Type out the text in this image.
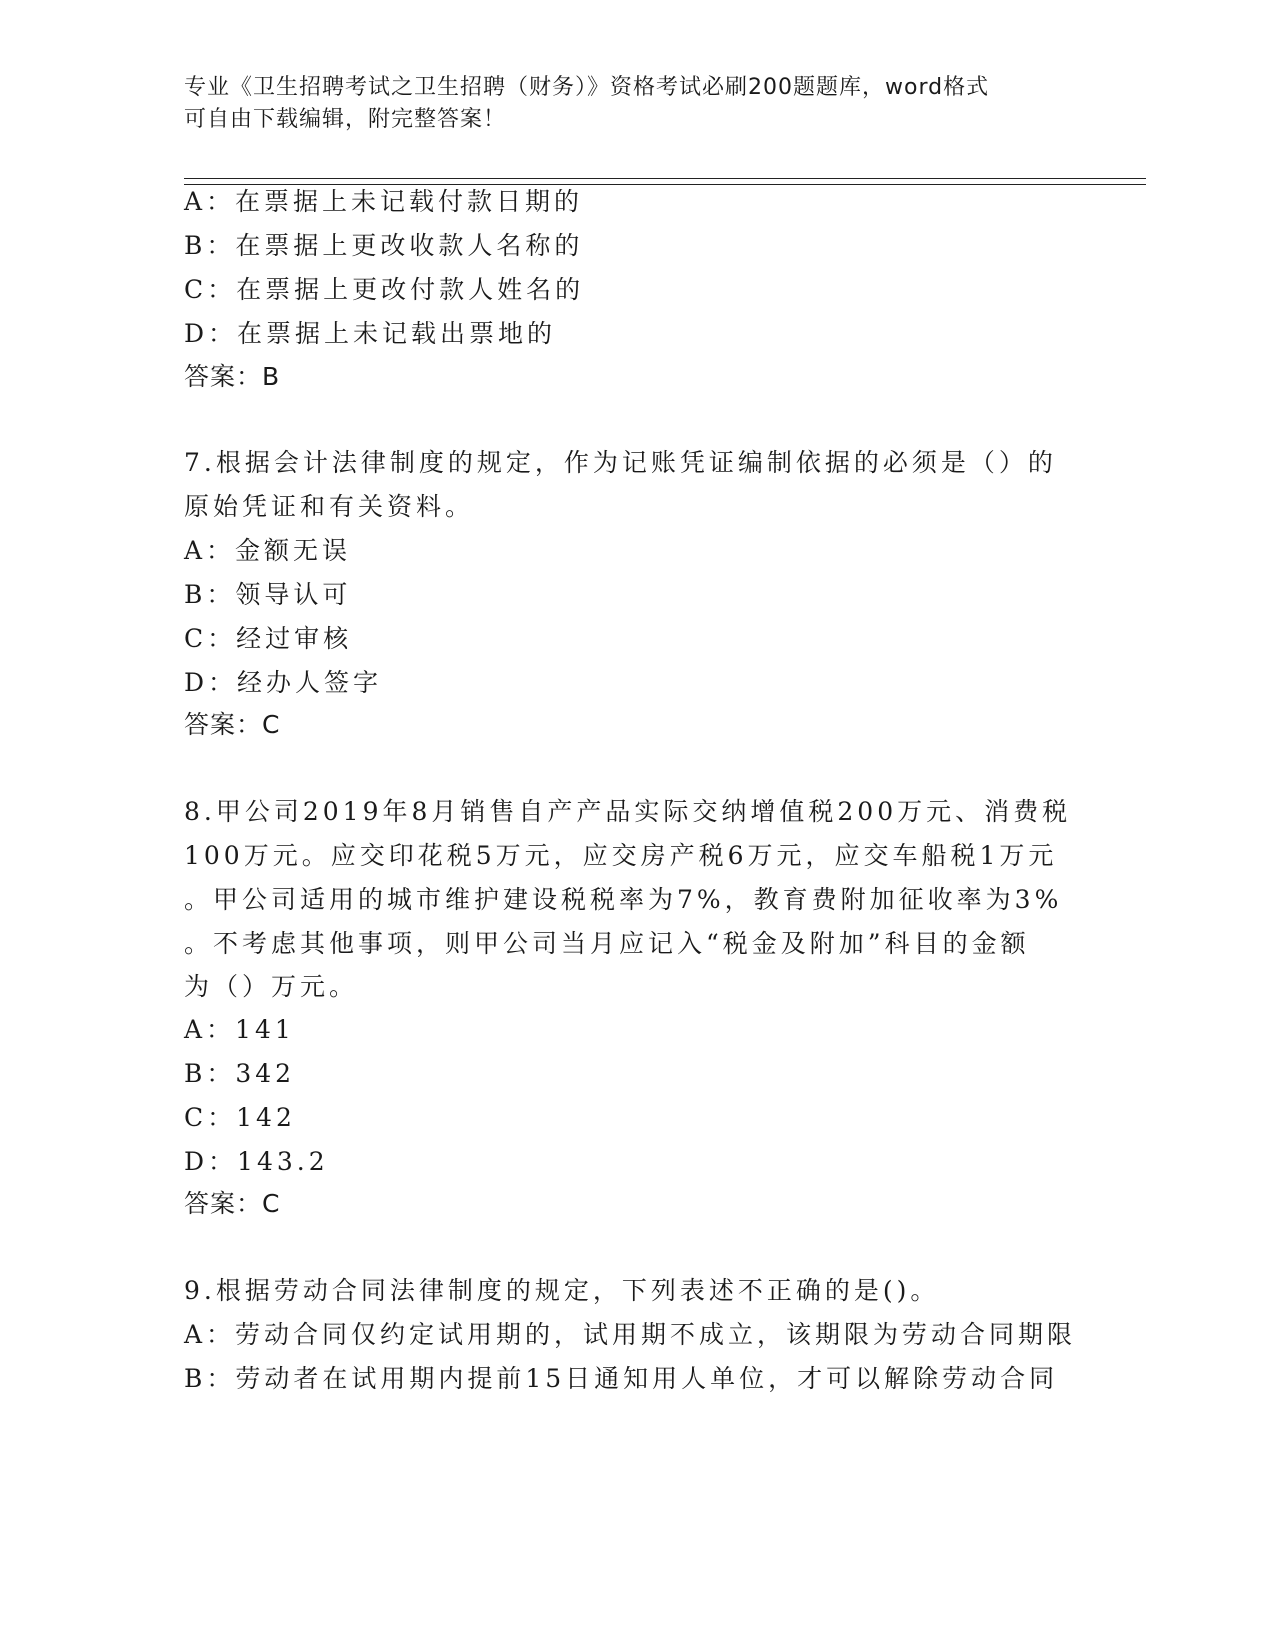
专业《卫生招聘考试之卫生招聘（财务）》资格考试必刷200题题库，word格式
可自由下载编辑，附完整答案！
A：在票据上未记载付款日期的
B：在票据上更改收款人名称的
C：在票据上更改付款人姓名的
D：在票据上未记载出票地的
答案：B
7.根据会计法律制度的规定，作为记账凭证编制依据的必须是（）的
原始凭证和有关资料。
A：金额无误
B：领导认可
C：经过审核
D：经办人签字
答案：C
8.甲公司2019年8月销售自产产品实际交纳增值税200万元、消费税
100万元。应交印花税5万元，应交房产税6万元，应交车船税1万元
。甲公司适用的城市维护建设税税率为7%，教育费附加征收率为3%
。不考虑其他事项，则甲公司当月应记入“税金及附加”科目的金额
为（）万元。
A：141
B：342
C：142
D：143.2
答案：C
9.根据劳动合同法律制度的规定，下列表述不正确的是()。
A：劳动合同仅约定试用期的，试用期不成立，该期限为劳动合同期限
B：劳动者在试用期内提前15日通知用人单位，才可以解除劳动合同
